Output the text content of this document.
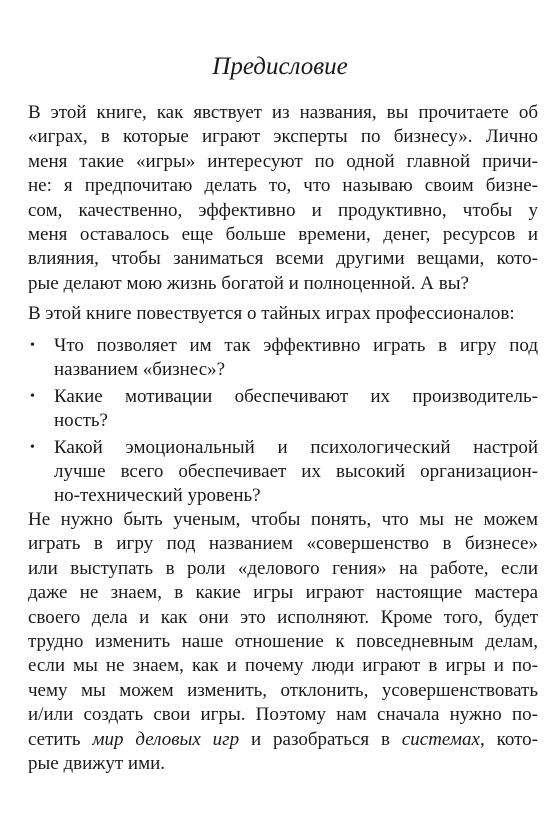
Предисловие
В этой книге, как явствует из названия, вы прочитаете об
«играх, в которые играют эксперты по бизнесу». Лично
меня такие «игры» интересуют по одной главной причи-
не: я предпочитаю делать то, что называю своим бизне-
сом, качественно, эффективно и продуктивно, чтобы у
меня оставалось еще больше времени, денег, ресурсов и
влияния, чтобы заниматься всеми другими вещами, кото-
рые делают мою жизнь богатой и полноценной. А вы?
В этой книге повествуется о тайных играх профессионалов:
• Что позволяет им так эффективно играть в игру под
названием «бизнес»?
• Какие мотивации обеспечивают их производитель-
ность?
• Какой эмоциональный и психологический настрой
лучше всего обеспечивает их высокий организацион-
но-технический уровень?
Не нужно быть ученым, чтобы понять, что мы не можем
играть в игру под названием «совершенство в бизнесе»
или выступать в роли «делового гения» на работе, если
даже не знаем, в какие игры играют настоящие мастера
своего дела и как они это исполняют. Кроме того, будет
трудно изменить наше отношение к повседневным делам,
если мы не знаем, как и почему люди играют в игры и по-
чему мы можем изменить, отклонить, усовершенствовать
и/или создать свои игры. Поэтому нам сначала нужно по-
сетить мир деловых игр и разобраться в системах, кото-
рые движут ими.
